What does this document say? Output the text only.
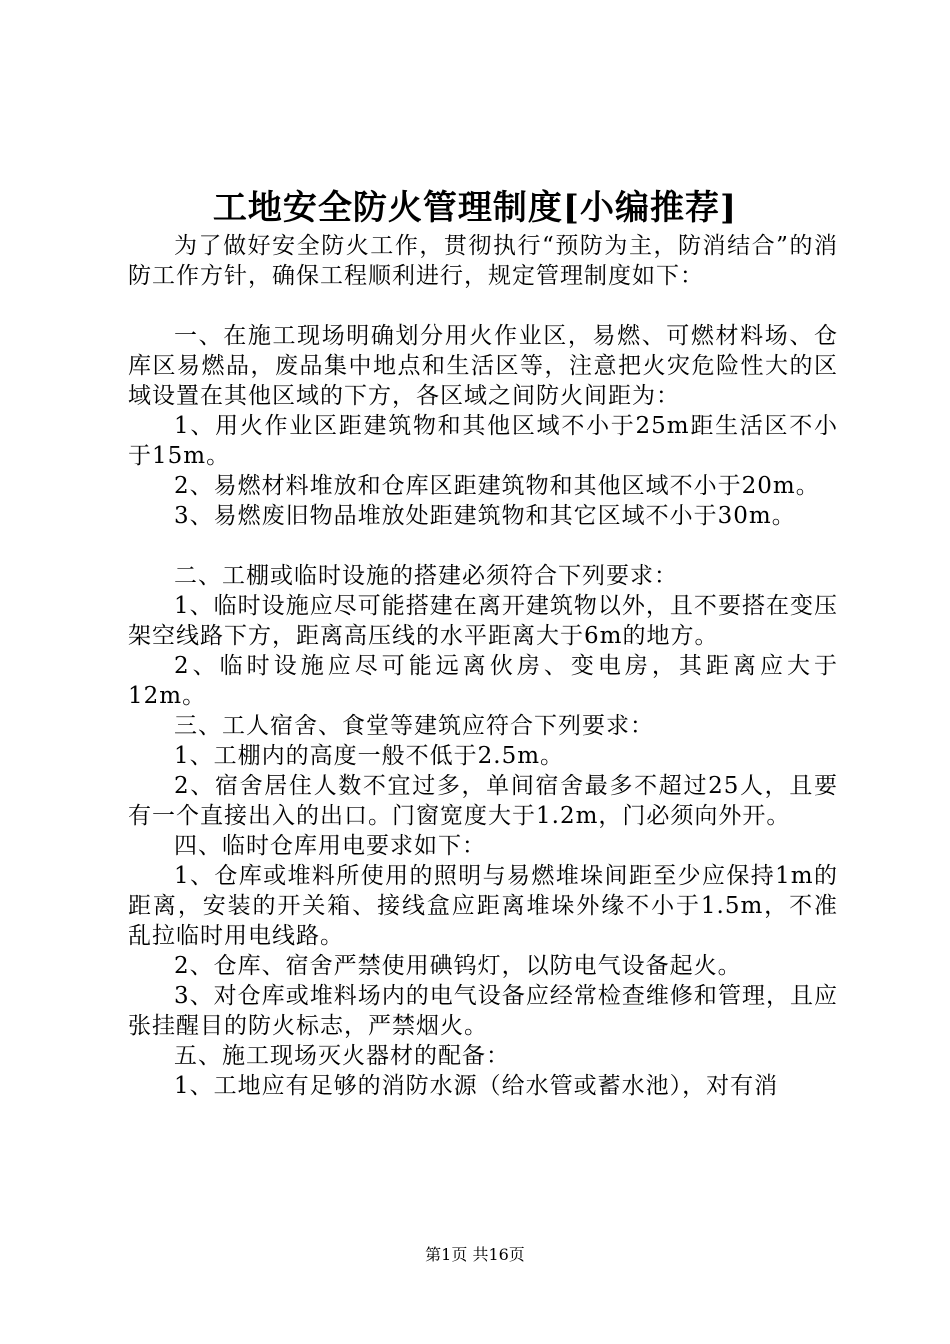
工地安全防火管理制度[小编推荐]

为了做好安全防火工作，贯彻执行“预防为主，防消结合”的消防工作方针，确保工程顺利进行，规定管理制度如下：

一、在施工现场明确划分用火作业区，易燃、可燃材料场、仓库区易燃品，废品集中地点和生活区等，注意把火灾危险性大的区域设置在其他区域的下方，各区域之间防火间距为：

1、用火作业区距建筑物和其他区域不小于25m距生活区不小于15m。

2、易燃材料堆放和仓库区距建筑物和其他区域不小于20m。

3、易燃废旧物品堆放处距建筑物和其它区域不小于30m。

二、工棚或临时设施的搭建必须符合下列要求：

1、临时设施应尽可能搭建在离开建筑物以外，且不要搭在变压架空线路下方，距离高压线的水平距离大于6m的地方。

2、临时设施应尽可能远离伙房、变电房，其距离应大于12m。

三、工人宿舍、食堂等建筑应符合下列要求：

1、工棚内的高度一般不低于2.5m。

2、宿舍居住人数不宜过多，单间宿舍最多不超过25人，且要有一个直接出入的出口。门窗宽度大于1.2m，门必须向外开。

四、临时仓库用电要求如下：

1、仓库或堆料所使用的照明与易燃堆垛间距至少应保持1m的距离，安装的开关箱、接线盒应距离堆垛外缘不小于1.5m，不准乱拉临时用电线路。

2、仓库、宿舍严禁使用碘钨灯，以防电气设备起火。

3、对仓库或堆料场内的电气设备应经常检查维修和管理，且应张挂醒目的防火标志，严禁烟火。

五、施工现场灭火器材的配备：

1、工地应有足够的消防水源（给水管或蓄水池），对有消

第1页 共16页
